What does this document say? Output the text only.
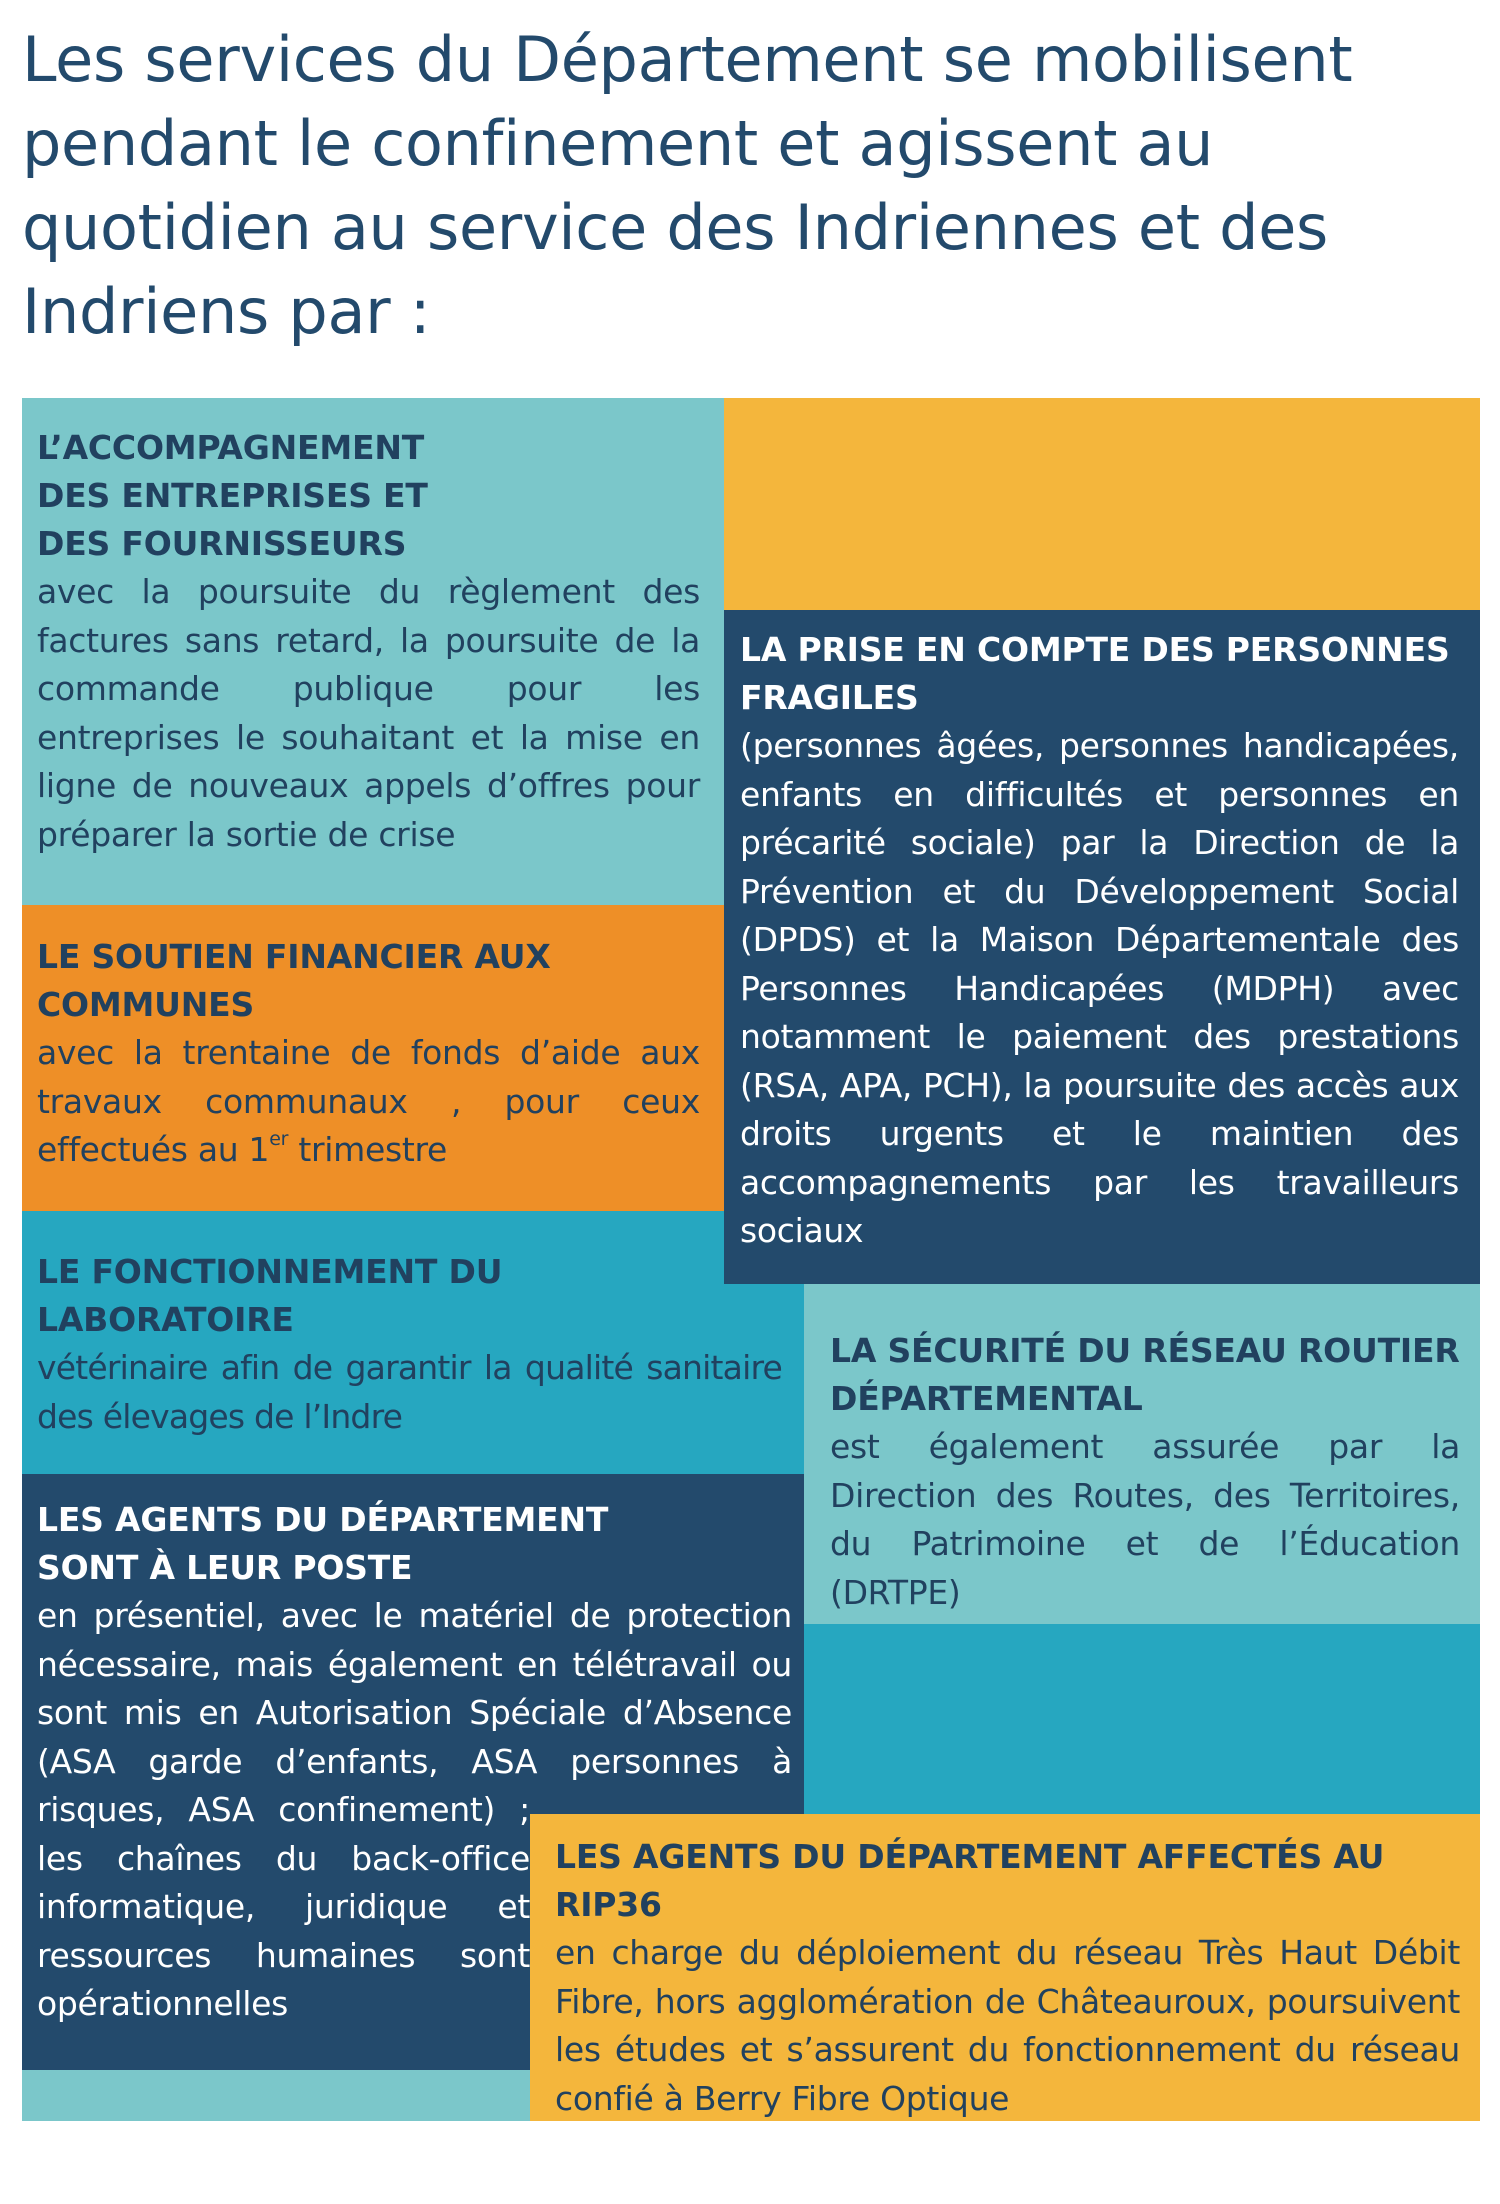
Les services du Département se mobilisent pendant le confinement et agissent au quotidien au service des Indriennes et des Indriens par :
L’ACCOMPAGNEMENT DES ENTREPRISES ET DES FOURNISSEURS
avec la poursuite du règlement des factures sans retard, la poursuite de la commande publique pour les entreprises le souhaitant et la mise en ligne de nouveaux appels d’offres pour préparer la sortie de crise
LA PRISE EN COMPTE DES PERSONNES FRAGILES
(personnes âgées, personnes handicapées, enfants en difficultés et personnes en précarité sociale) par la Direction de la Prévention et du Développement Social (DPDS) et la Maison Départementale des Personnes Handicapées (MDPH) avec notamment le paiement des prestations (RSA, APA, PCH), la poursuite des accès aux droits urgents et le maintien des accompagnements par les travailleurs sociaux
LE SOUTIEN FINANCIER AUX COMMUNES
avec la trentaine de fonds d’aide aux travaux communaux , pour ceux effectués au 1er trimestre
LE FONCTIONNEMENT DU LABORATOIRE
vétérinaire afin de garantir la qualité sanitaire des élevages de l’Indre
LA SÉCURITÉ DU RÉSEAU ROUTIER DÉPARTEMENTAL
est également assurée par la Direction des Routes, des Territoires, du Patrimoine et de l’Éducation (DRTPE)
LES AGENTS DU DÉPARTEMENT SONT À LEUR POSTE
en présentiel, avec le matériel de protection nécessaire, mais également en télétravail ou sont mis en Autorisation Spéciale d’Absence (ASA garde d’enfants, ASA personnes à risques, ASA confinement) ; les chaînes du back-office informatique, juridique et ressources humaines sont opérationnelles
LES AGENTS DU DÉPARTEMENT AFFECTÉS AU RIP36
en charge du déploiement du réseau Très Haut Débit Fibre, hors agglomération de Châteauroux, poursuivent les études et s’assurent du fonctionnement du réseau confié à Berry Fibre Optique
